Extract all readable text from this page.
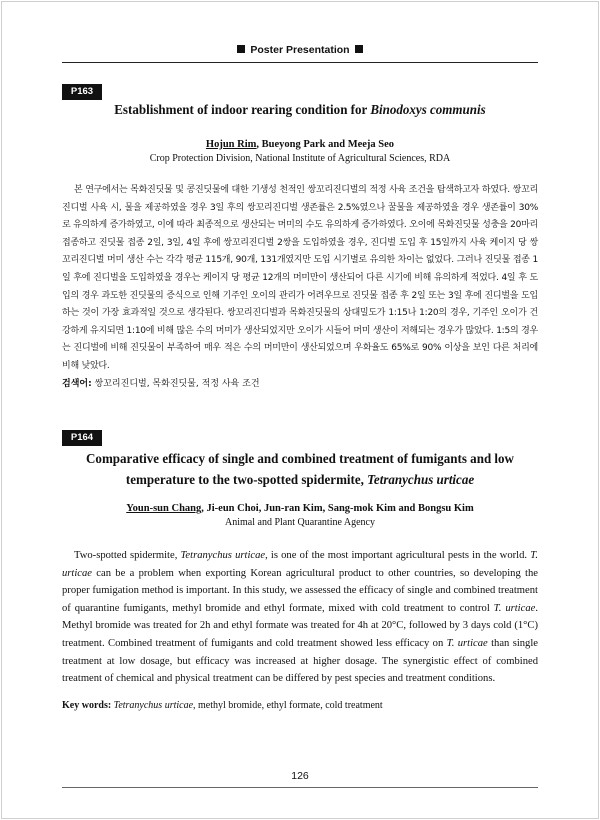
Poster Presentation
P163
Establishment of indoor rearing condition for Binodoxys communis
Hojun Rim, Bueyong Park and Meeja Seo
Crop Protection Division, National Institute of Agricultural Sciences, RDA

본 연구에서는 목화진딧물 및 콩진딧물에 대한 기생성 천적인 쌍꼬리진디벌의 적정 사육 조건을 탐색하고자 하였다. 쌍꼬리진디벌 사육 시, 물을 제공하였을 경우 3일 후의 쌍꼬리진디벌 생존률은 2.5%였으나 꿀물을 제공하였을 경우 생존률이 30%로 유의하게 증가하였고, 이에 따라 최종적으로 생산되는 머미의 수도 유의하게 증가하였다. 오이에 목화진딧물 성충을 20마리 접종하고 진딧물 접종 2일, 3일, 4일 후에 쌍꼬리진디벌 2쌍을 도입하였을 경우, 진디벌 도입 후 15일까지 사육 케이지 당 쌍꼬리진디벌 머미 생산 수는 각각 평균 115개, 90개, 131개였지만 도입 시기별로 유의한 차이는 없었다. 그러나 진딧물 접종 1일 후에 진디벌을 도입하였을 경우는 케이지 당 평균 12개의 머미만이 생산되어 다른 시기에 비해 유의하게 적었다. 4일 후 도입의 경우 과도한 진딧물의 증식으로 인해 기주인 오이의 관리가 어려우므로 진딧물 접종 후 2일 또는 3일 후에 진디벌을 도입하는 것이 가장 효과적일 것으로 생각된다. 쌍꼬리진디벌과 목화진딧물의 상대밀도가 1:15나 1:20의 경우, 기주인 오이가 건강하게 유지되면 1:10에 비해 많은 수의 머미가 생산되었지만 오이가 시들어 머미 생산이 저해되는 경우가 많았다. 1:5의 경우는 진디벌에 비해 진딧물이 부족하여 매우 적은 수의 머미만이 생산되었으며 우화율도 65%로 90% 이상을 보인 다른 처리에 비해 낮았다.

검색어: 쌍꼬리진디벌, 목화진딧물, 적정 사육 조건
P164
Comparative efficacy of single and combined treatment of fumigants and low
temperature to the two-spotted spidermite, Tetranychus urticae
Youn-sun Chang, Ji-eun Choi, Jun-ran Kim, Sang-mok Kim and Bongsu Kim
Animal and Plant Quarantine Agency

Two-spotted spidermite, Tetranychus urticae, is one of the most important agricultural pests in the world. T. urticae can be a problem when exporting Korean agricultural product to other countries, so developing the proper fumigation method is important. In this study, we assessed the efficacy of single and combined treatment of quarantine fumigants, methyl bromide and ethyl formate, mixed with cold treatment to control T. urticae. Methyl bromide was treated for 2h and ethyl formate was treated for 4h at 20°C, followed by 3 days cold (1°C) treatment. Combined treatment of fumigants and cold treatment showed less efficacy on T. urticae than single treatment at low dosage, but efficacy was increased at higher dosage. The synergistic effect of combined treatment of chemical and physical treatment can be differed by pest species and treatment conditions.

Key words: Tetranychus urticae, methyl bromide, ethyl formate, cold treatment
126
